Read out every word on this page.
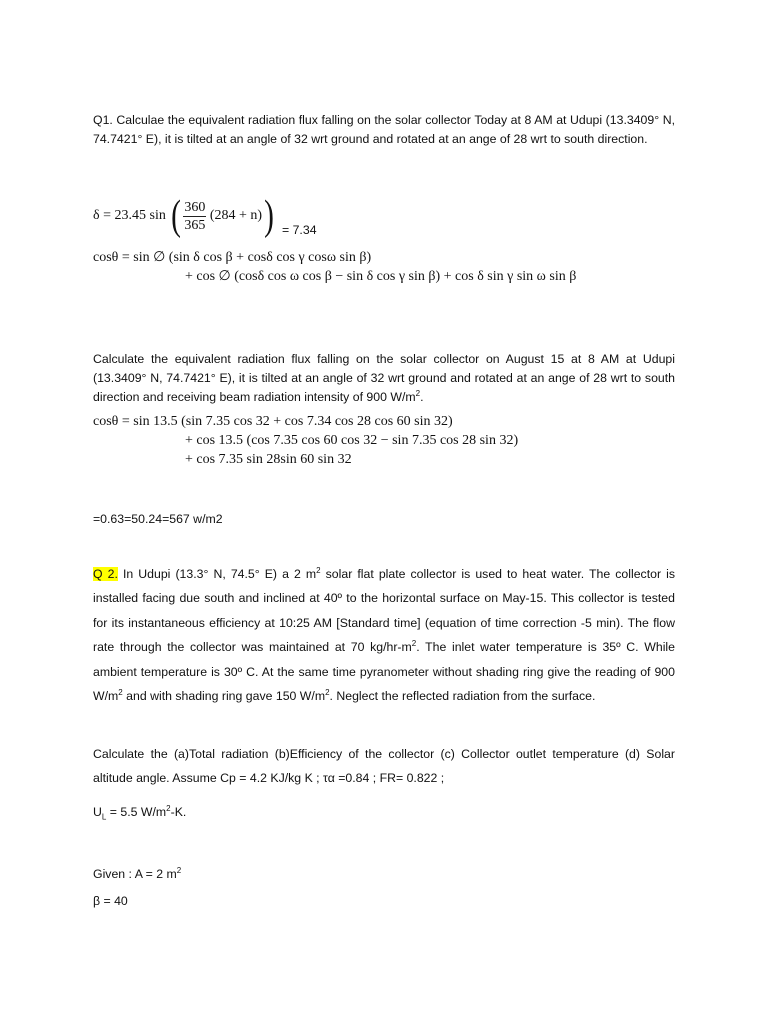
Q1. Calculae the equivalent radiation flux falling on the solar collector Today at 8 AM at Udupi (13.3409° N, 74.7421° E), it is tilted at an angle of 32 wrt ground and rotated at an ange of 28 wrt to south direction.
δ = 23.45 sin ( $\frac{360}{365} (284 + n)) = 7.34$
cosθ = sin ∅ (sin δ cos β + cosδ cos γ cosω sin β)
+ cos ∅ (cosδ cos ω cos β − sin δ cos γ sin β) + cos δ sin γ sin ω sin β
Calculate the equivalent radiation flux falling on the solar collector on August 15 at 8 AM at Udupi (13.3409° N, 74.7421° E), it is tilted at an angle of 32 wrt ground and rotated at an ange of 28 wrt to south direction and receiving beam radiation intensity of 900 $W/m^2$.
cosθ = sin 13.5 (sin 7.35 cos 32 + cos 7.34 cos 28 cos 60 sin 32)
+ cos 13.5 (cos 7.35 cos 60 cos 32 − sin 7.35 cos 28 sin 32)
+ cos 7.35 sin 28sin 60 sin 32
=0.63=50.24=567 w/m2
Q 2. In Udupi (13.3° N, 74.5° E) a 2 $m^2$ solar flat plate collector is used to heat water. The collector is installed facing due south and inclined at 40º to the horizontal surface on May-15. This collector is tested for its instantaneous efficiency at 10:25 AM [Standard time] (equation of time correction -5 min). The flow rate through the collector was maintained at 70 $kg/hr-m^2$. The inlet water temperature is 35º C. While ambient temperature is 30º C. At the same time pyranometer without shading ring give the reading of 900 $W/m^2$ and with shading ring gave 150 $W/m^2$. Neglect the reflected radiation from the surface.
Calculate the (a)Total radiation (b)Efficiency of the collector (c) Collector outlet temperature (d) Solar altitude angle. Assume Cp = 4.2 KJ/kg K ; τα =0.84 ; FR= 0.822 ;
$U_L = 5.5$ $W/m^2-K$.
Given : A = 2 $m^2$
β = 40
